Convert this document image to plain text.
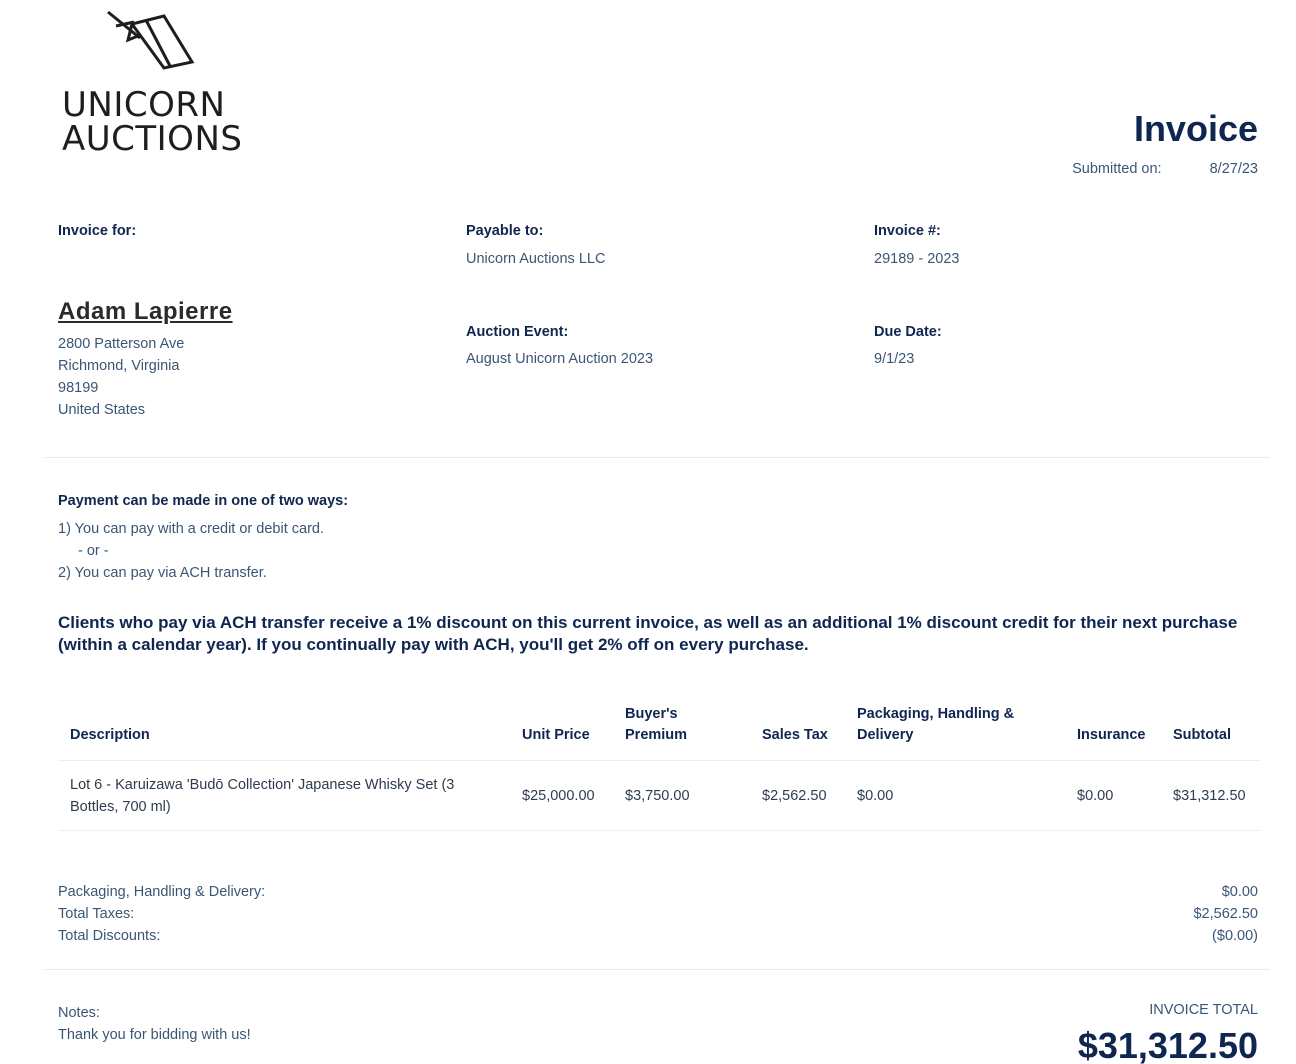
UNICORN
AUCTIONS	Invoice
Submitted on:	8/27/23
Invoice for:	Payable to:
Unicorn Auctions LLC
Invoice #:
29189 - 2023
Adam Lapierre
2800 Patterson Ave
Richmond, Virginia
98199
United States
Auction Event:
August Unicorn Auction 2023
Due Date:
9/1/23
Payment can be made in one of two ways:
1) You can pay with a credit or debit card.
- or -
2) You can pay via ACH transfer.
Clients who pay via ACH transfer receive a 1% discount on this current invoice, as well as an additional 1% discount credit for their next purchase (within a calendar year). If you continually pay with ACH, you'll get 2% off on every purchase.
Description	Unit Price	Buyer's Premium	Sales Tax	Packaging, Handling & Delivery	Insurance	Subtotal
Lot 6 - Karuizawa 'Budō Collection' Japanese Whisky Set (3 Bottles, 700 ml)	$25,000.00	$3,750.00	$2,562.50	$0.00	$0.00	$31,312.50
Packaging, Handling & Delivery:	$0.00
Total Taxes:	$2,562.50
Total Discounts:	($0.00)
Notes:
Thank you for bidding with us!
INVOICE TOTAL
$31,312.50
